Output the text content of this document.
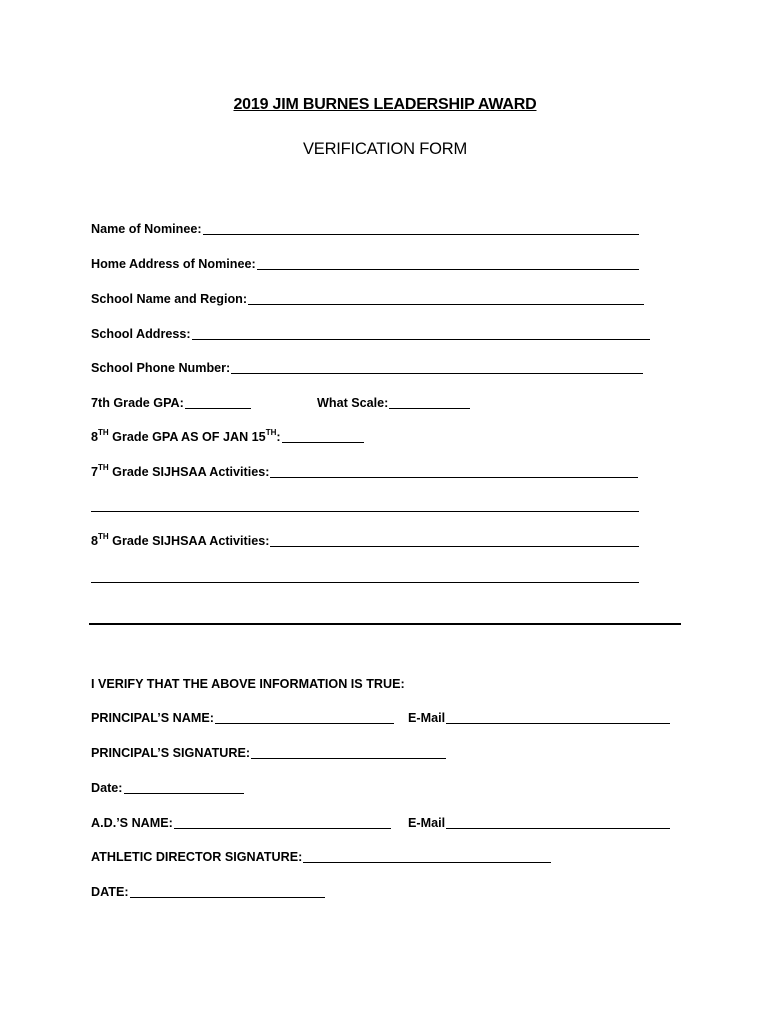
2019 JIM BURNES LEADERSHIP AWARD
VERIFICATION FORM
Name of Nominee:
Home Address of Nominee:
School Name and Region:
School Address:
School Phone Number:
7th Grade GPA:	What Scale:
8TH Grade GPA AS OF JAN 15TH:
7TH Grade SIJHSAA Activities:
8TH Grade SIJHSAA Activities:
I VERIFY THAT THE ABOVE INFORMATION IS TRUE:
PRINCIPAL’S NAME:	E-Mail
PRINCIPAL’S SIGNATURE:
Date:
A.D.’S NAME:	E-Mail
ATHLETIC DIRECTOR SIGNATURE:
DATE:
